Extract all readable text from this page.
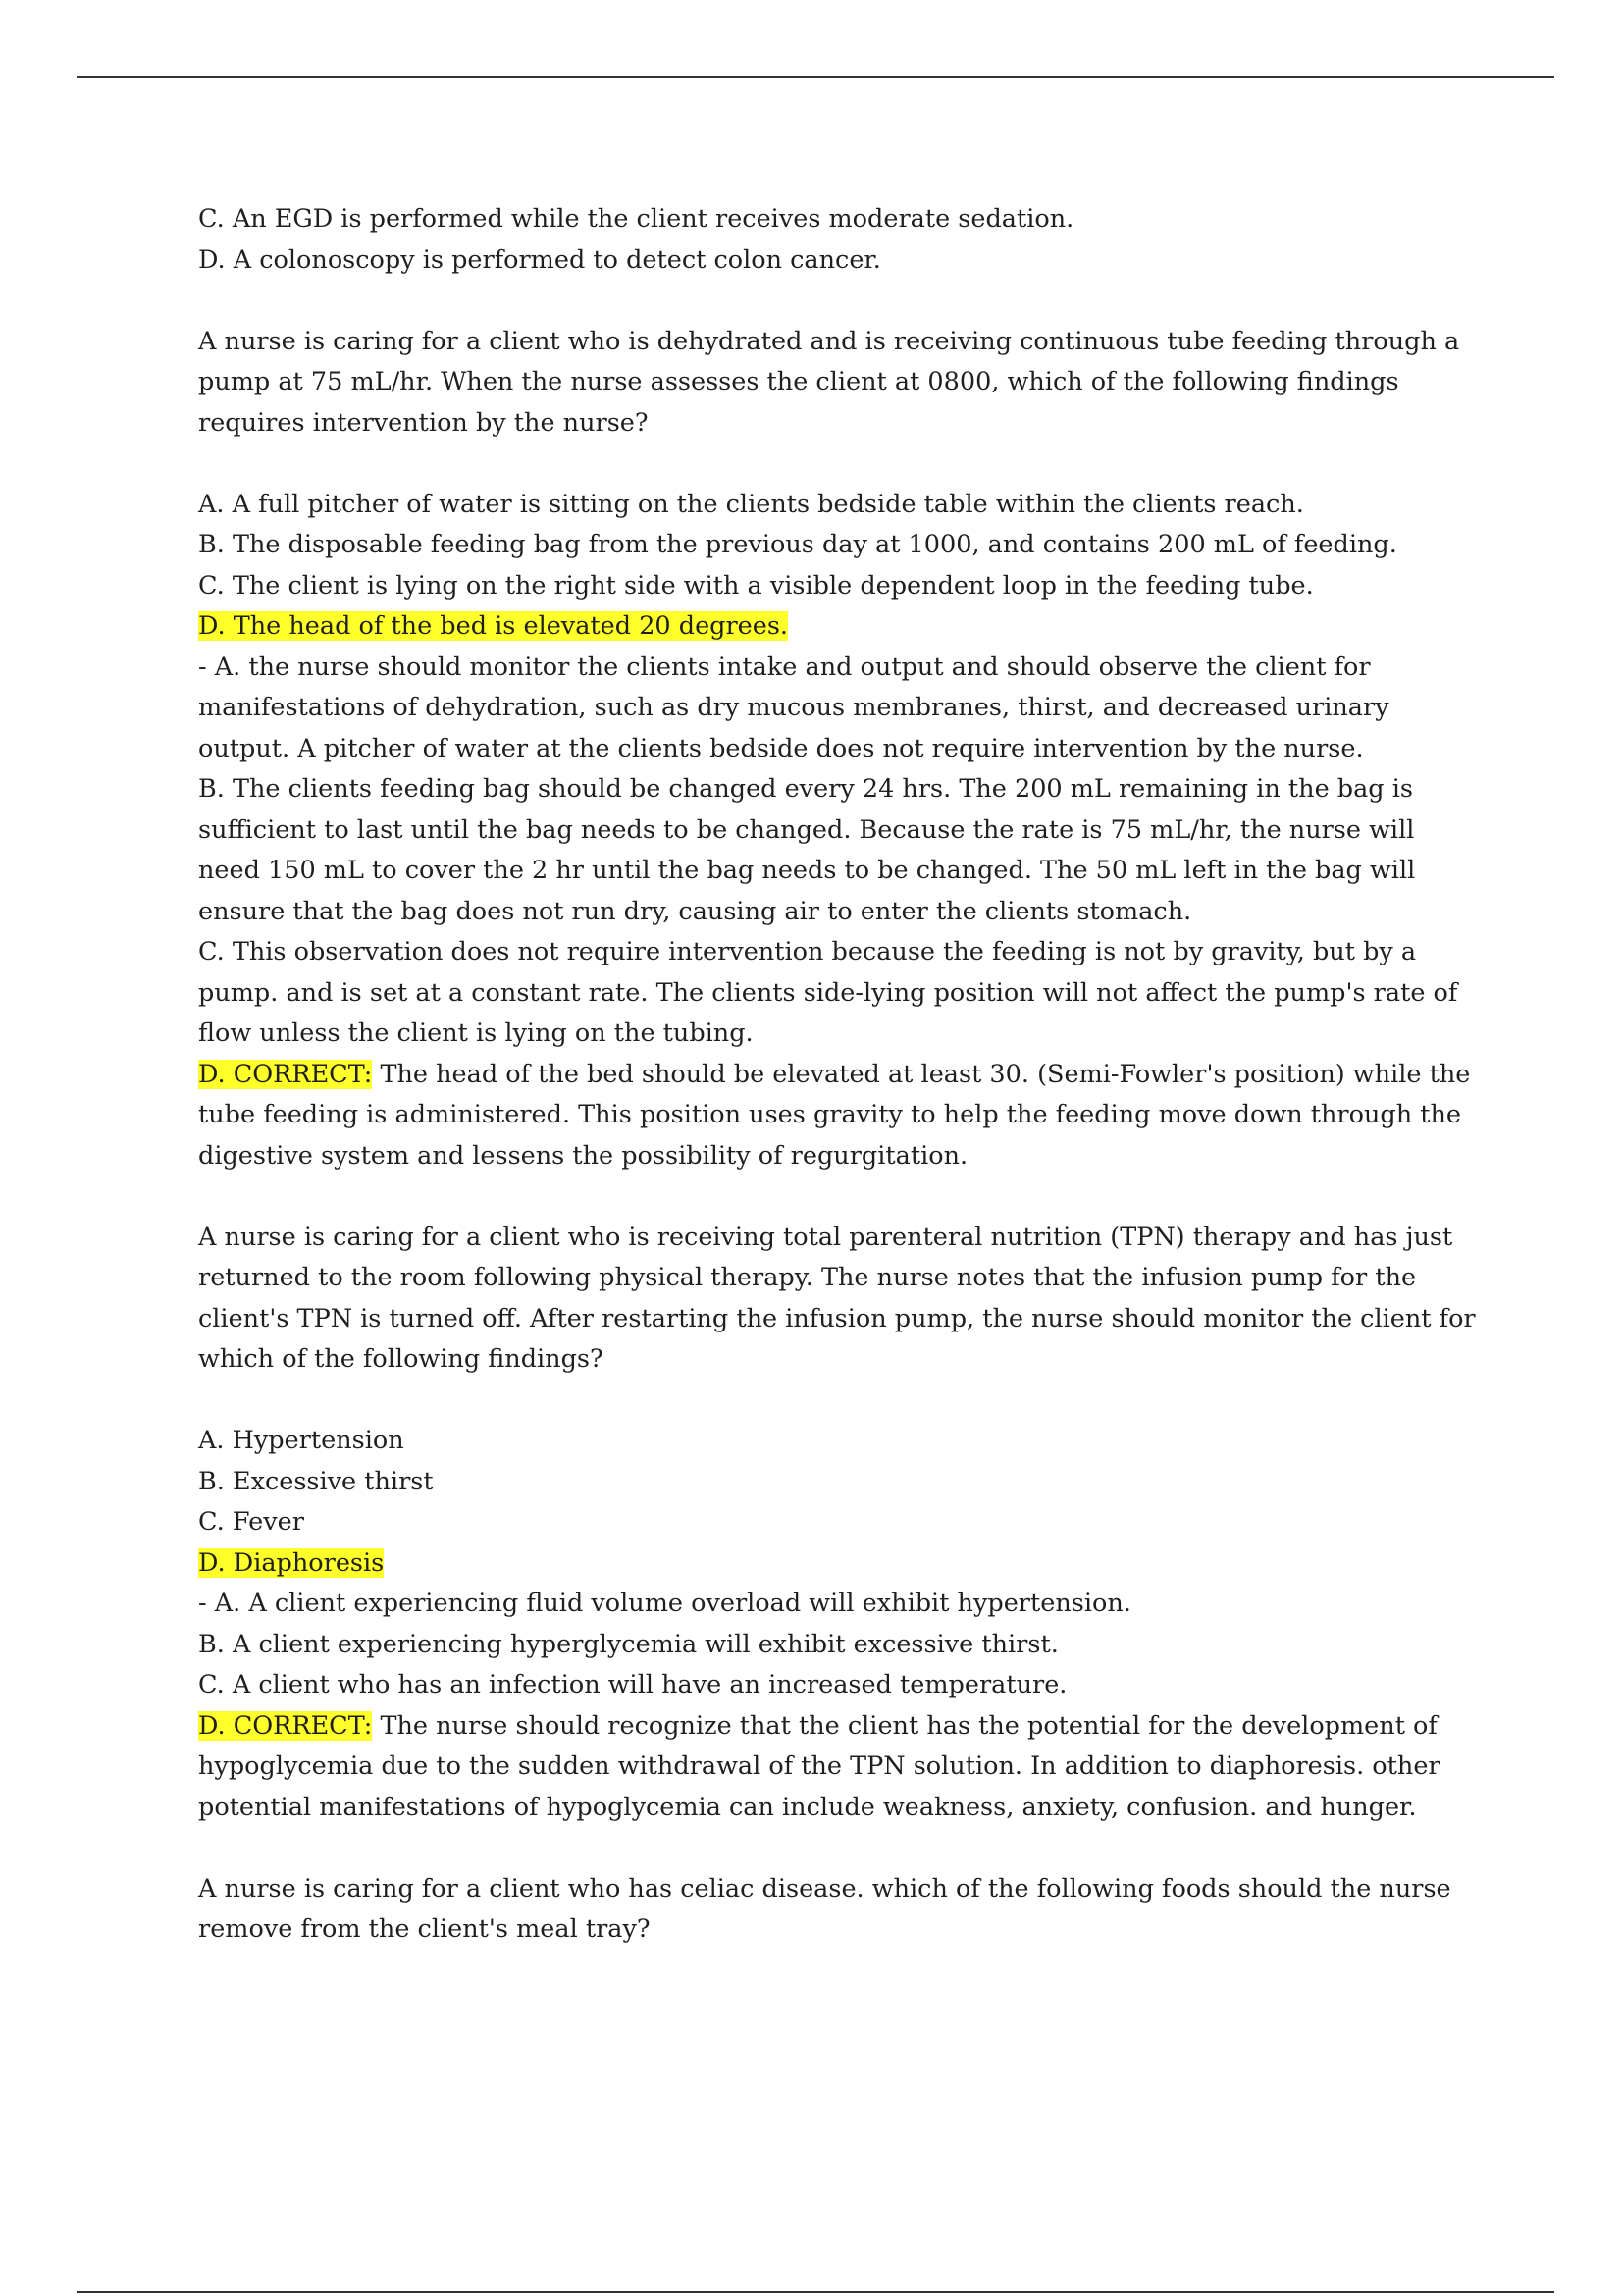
C. An EGD is performed while the client receives moderate sedation.
D. A colonoscopy is performed to detect colon cancer.
A nurse is caring for a client who is dehydrated and is receiving continuous tube feeding through a
pump at 75 mL/hr. When the nurse assesses the client at 0800, which of the following findings
requires intervention by the nurse?
A. A full pitcher of water is sitting on the clients bedside table within the clients reach.
B. The disposable feeding bag from the previous day at 1000, and contains 200 mL of feeding.
C. The client is lying on the right side with a visible dependent loop in the feeding tube.
D. The head of the bed is elevated 20 degrees.
- A. the nurse should monitor the clients intake and output and should observe the client for
manifestations of dehydration, such as dry mucous membranes, thirst, and decreased urinary
output. A pitcher of water at the clients bedside does not require intervention by the nurse.
B. The clients feeding bag should be changed every 24 hrs. The 200 mL remaining in the bag is
sufficient to last until the bag needs to be changed. Because the rate is 75 mL/hr, the nurse will
need 150 mL to cover the 2 hr until the bag needs to be changed. The 50 mL left in the bag will
ensure that the bag does not run dry, causing air to enter the clients stomach.
C. This observation does not require intervention because the feeding is not by gravity, but by a
pump. and is set at a constant rate. The clients side-lying position will not affect the pump's rate of
flow unless the client is lying on the tubing.
D. CORRECT: The head of the bed should be elevated at least 30. (Semi-Fowler's position) while the
tube feeding is administered. This position uses gravity to help the feeding move down through the
digestive system and lessens the possibility of regurgitation.
A nurse is caring for a client who is receiving total parenteral nutrition (TPN) therapy and has just
returned to the room following physical therapy. The nurse notes that the infusion pump for the
client's TPN is turned off. After restarting the infusion pump, the nurse should monitor the client for
which of the following findings?
A. Hypertension
B. Excessive thirst
C. Fever
D. Diaphoresis
- A. A client experiencing fluid volume overload will exhibit hypertension.
B. A client experiencing hyperglycemia will exhibit excessive thirst.
C. A client who has an infection will have an increased temperature.
D. CORRECT: The nurse should recognize that the client has the potential for the development of
hypoglycemia due to the sudden withdrawal of the TPN solution. In addition to diaphoresis. other
potential manifestations of hypoglycemia can include weakness, anxiety, confusion. and hunger.
A nurse is caring for a client who has celiac disease. which of the following foods should the nurse
remove from the client's meal tray?
